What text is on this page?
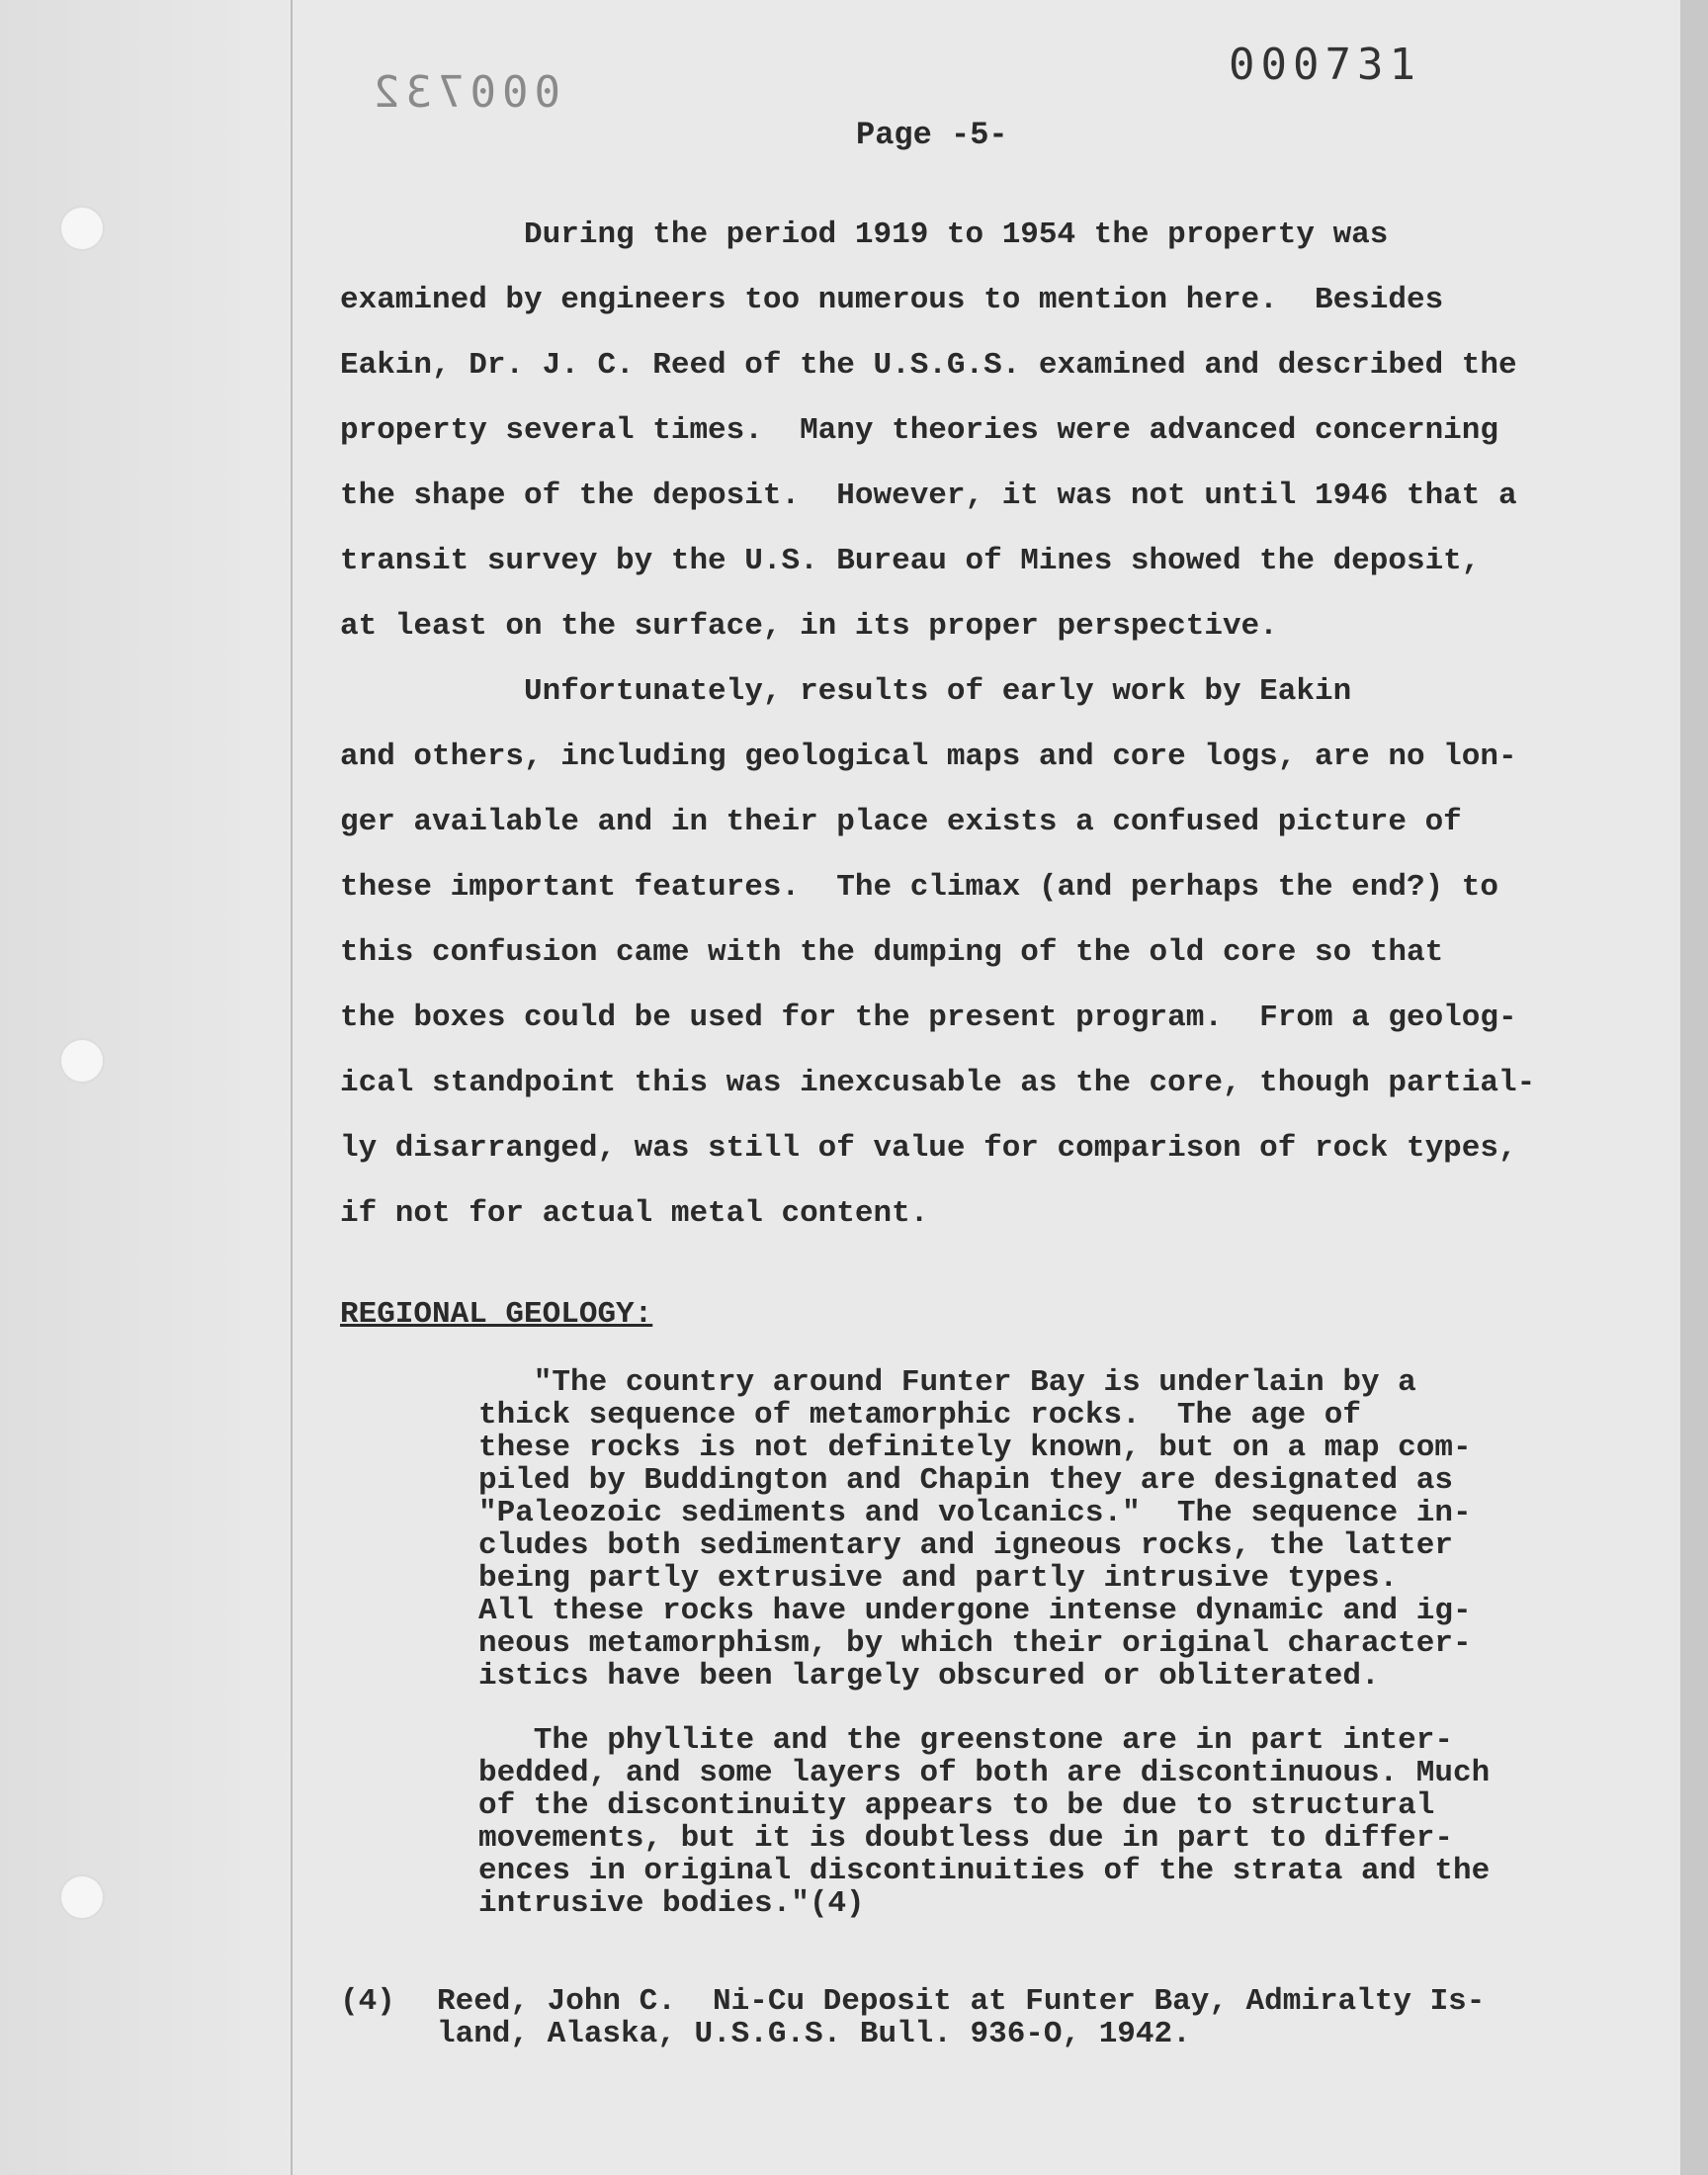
000731
000732
Page -5-
During the period 1919 to 1954 the property was
examined by engineers too numerous to mention here.  Besides
Eakin, Dr. J. C. Reed of the U.S.G.S. examined and described the
property several times.  Many theories were advanced concerning
the shape of the deposit.  However, it was not until 1946 that a
transit survey by the U.S. Bureau of Mines showed the deposit,
at least on the surface, in its proper perspective.
Unfortunately, results of early work by Eakin
and others, including geological maps and core logs, are no lon-
ger available and in their place exists a confused picture of
these important features.  The climax (and perhaps the end?) to
this confusion came with the dumping of the old core so that
the boxes could be used for the present program.  From a geolog-
ical standpoint this was inexcusable as the core, though partial-
ly disarranged, was still of value for comparison of rock types,
if not for actual metal content.
REGIONAL GEOLOGY:
"The country around Funter Bay is underlain by a
thick sequence of metamorphic rocks.  The age of
these rocks is not definitely known, but on a map com-
piled by Buddington and Chapin they are designated as
"Paleozoic sediments and volcanics."  The sequence in-
cludes both sedimentary and igneous rocks, the latter
being partly extrusive and partly intrusive types.
All these rocks have undergone intense dynamic and ig-
neous metamorphism, by which their original character-
istics have been largely obscured or obliterated.
The phyllite and the greenstone are in part inter-
bedded, and some layers of both are discontinuous. Much
of the discontinuity appears to be due to structural
movements, but it is doubtless due in part to differ-
ences in original discontinuities of the strata and the
intrusive bodies."(4)
(4) Reed, John C.  Ni-Cu Deposit at Funter Bay, Admiralty Is-
land, Alaska, U.S.G.S. Bull. 936-O, 1942.
